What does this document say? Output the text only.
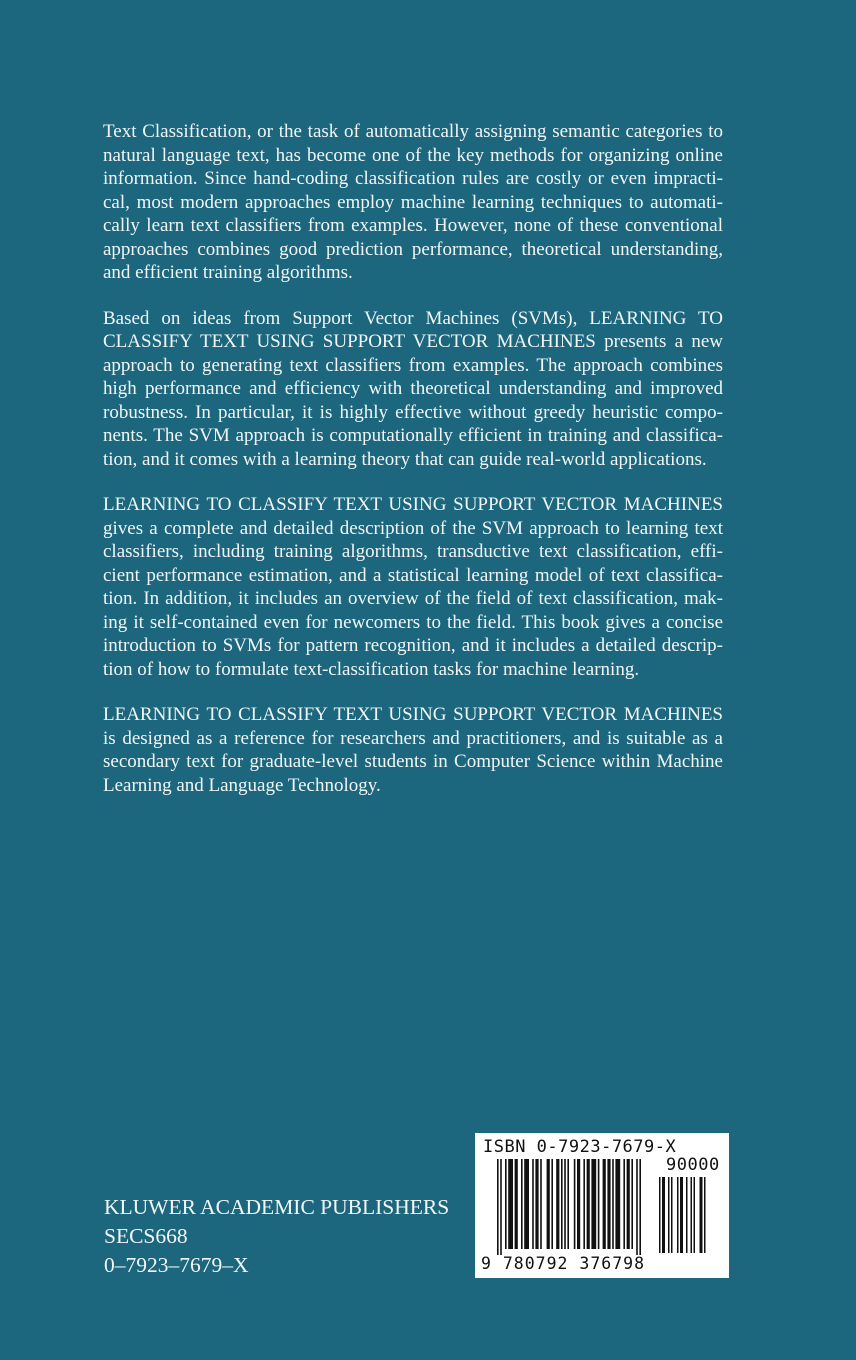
Text Classification, or the task of automatically assigning semantic categories to natural language text, has become one of the key methods for organizing online information. Since hand-coding classification rules are costly or even impractical, most modern approaches employ machine learning techniques to automatically learn text classifiers from examples. However, none of these conventional approaches combines good prediction performance, theoretical understanding, and efficient training algorithms.

Based on ideas from Support Vector Machines (SVMs), LEARNING TO CLASSIFY TEXT USING SUPPORT VECTOR MACHINES presents a new approach to generating text classifiers from examples. The approach combines high performance and efficiency with theoretical understanding and improved robustness. In particular, it is highly effective without greedy heuristic components. The SVM approach is computationally efficient in training and classification, and it comes with a learning theory that can guide real-world applications.

LEARNING TO CLASSIFY TEXT USING SUPPORT VECTOR MACHINES gives a complete and detailed description of the SVM approach to learning text classifiers, including training algorithms, transductive text classification, efficient performance estimation, and a statistical learning model of text classification. In addition, it includes an overview of the field of text classification, making it self-contained even for newcomers to the field. This book gives a concise introduction to SVMs for pattern recognition, and it includes a detailed description of how to formulate text-classification tasks for machine learning.

LEARNING TO CLASSIFY TEXT USING SUPPORT VECTOR MACHINES is designed as a reference for researchers and practitioners, and is suitable as a secondary text for graduate-level students in Computer Science within Machine Learning and Language Technology.

KLUWER ACADEMIC PUBLISHERS
SECS668
0–7923–7679–X
ISBN 0-7923-7679-X
90000
9 780792 376798
